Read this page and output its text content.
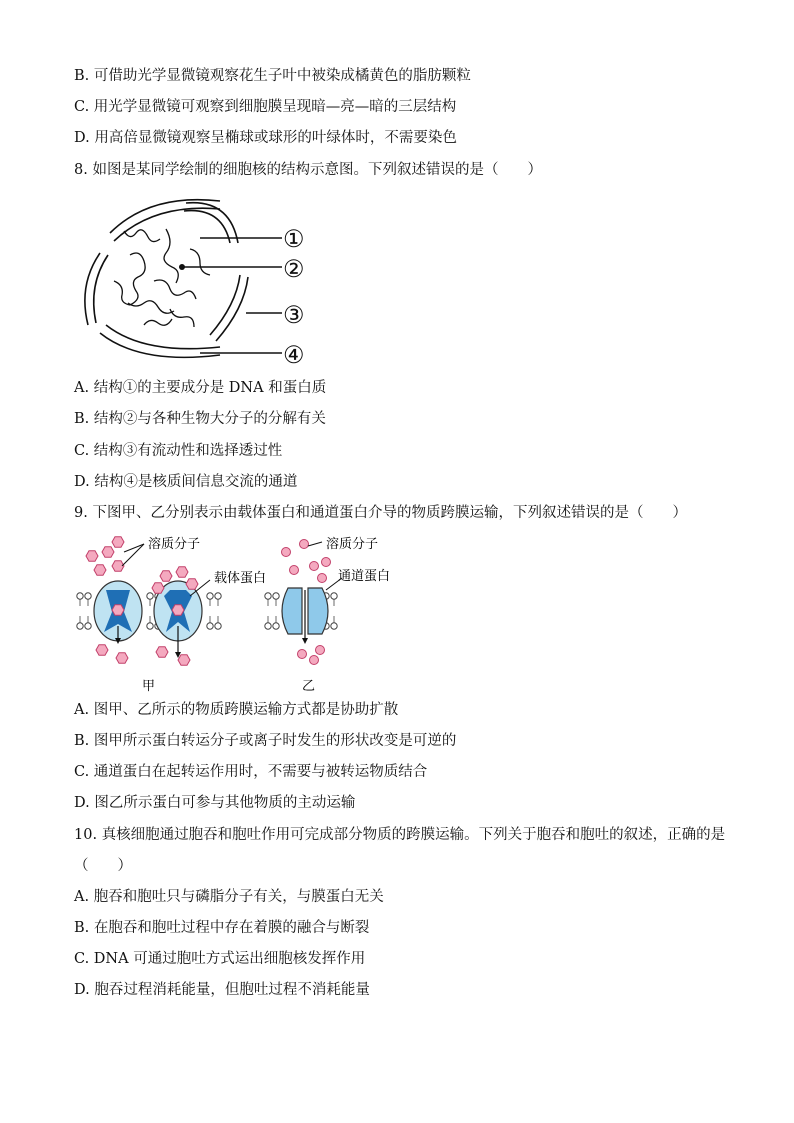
B. 可借助光学显微镜观察花生子叶中被染成橘黄色的脂肪颗粒
C. 用光学显微镜可观察到细胞膜呈现暗—亮—暗的三层结构
D. 用高倍显微镜观察呈椭球或球形的叶绿体时，不需要染色
8. 如图是某同学绘制的细胞核的结构示意图。下列叙述错误的是（　　）
①
②
③
④
A. 结构①的主要成分是 DNA 和蛋白质
B. 结构②与各种生物大分子的分解有关
C. 结构③有流动性和选择透过性
D. 结构④是核质间信息交流的通道
9. 下图甲、乙分别表示由载体蛋白和通道蛋白介导的物质跨膜运输，下列叙述错误的是（　　）
溶质分子
载体蛋白
甲
溶质分子
通道蛋白
乙
A. 图甲、乙所示的物质跨膜运输方式都是协助扩散
B. 图甲所示蛋白转运分子或离子时发生的形状改变是可逆的
C. 通道蛋白在起转运作用时，不需要与被转运物质结合
D. 图乙所示蛋白可参与其他物质的主动运输
10. 真核细胞通过胞吞和胞吐作用可完成部分物质的跨膜运输。下列关于胞吞和胞吐的叙述，正确的是
（　　）
A. 胞吞和胞吐只与磷脂分子有关，与膜蛋白无关
B. 在胞吞和胞吐过程中存在着膜的融合与断裂
C. DNA 可通过胞吐方式运出细胞核发挥作用
D. 胞吞过程消耗能量，但胞吐过程不消耗能量
